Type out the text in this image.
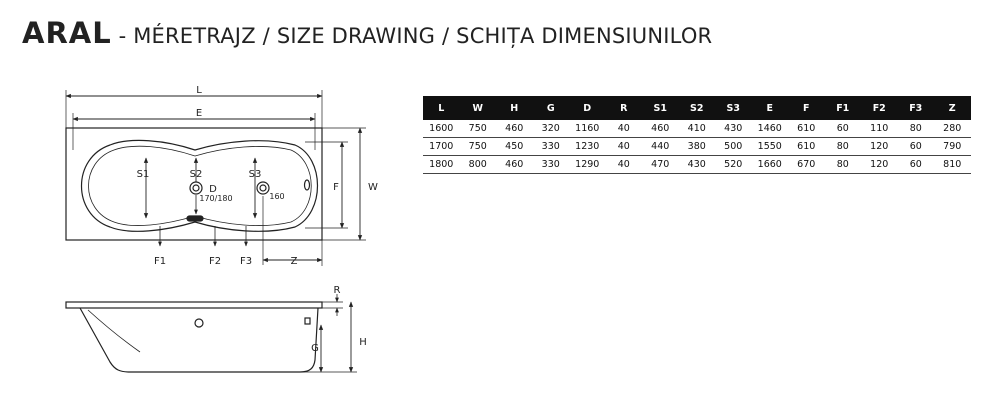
ARAL - MÉRETRAJZ / SIZE DRAWING / SCHIȚA DIMENSIUNILOR
L
E
W
F
S1	S2	S3
D
170/180	160
F1	F2 F3	Z
R
G
H
L	W	H	G	D	R	S1	S2	S3	E	F	F1	F2	F3	Z
1600	750	460	320	1160	40	460	410	430	1460	610	60	110	80	280
1700	750	450	330	1230	40	440	380	500	1550	610	80	120	60	790
1800	800	460	330	1290	40	470	430	520	1660	670	80	120	60	810
